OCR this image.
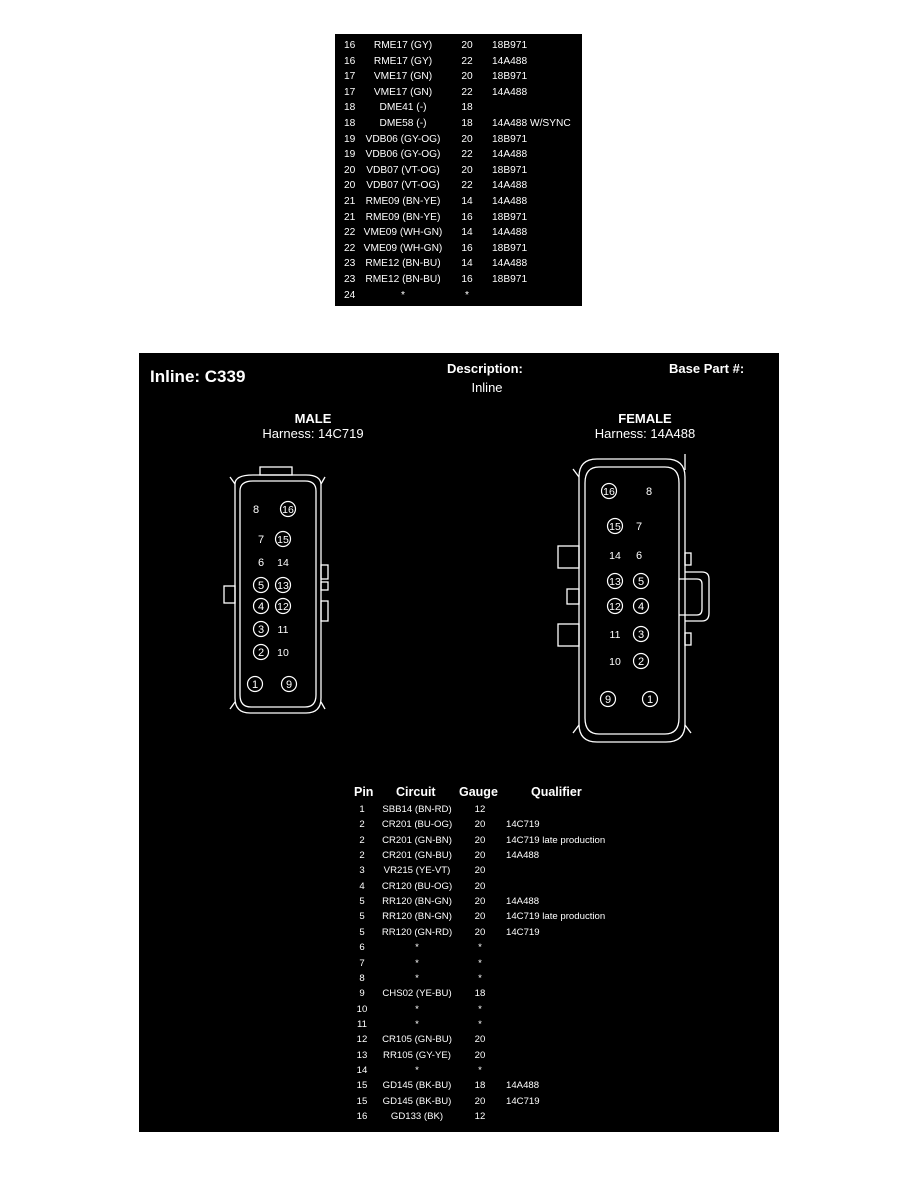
16	RME17 (GY)	20	18B971
16	RME17 (GY)	22	14A488
17	VME17 (GN)	20	18B971
17	VME17 (GN)	22	14A488
18	DME41 (-)	18
18	DME58 (-)	18	14A488 W/SYNC
19 VDB06 (GY-OG)	20	18B971
19 VDB06 (GY-OG)	22	14A488
20	VDB07 (VT-OG)	20	18B971
20	VDB07 (VT-OG)	22	14A488
21	RME09 (BN-YE)	14	14A488
21	RME09 (BN-YE)	16	18B971
22 VME09 (WH-GN)	14	14A488
22 VME09 (WH-GN)	16	18B971
23 RME12 (BN-BU)	14	14A488
23 RME12 (BN-BU)	16	18B971
24	*	*
8 16
7 15
6 14
5 13
4 12
3 11
2 10
1	9
16	8
15 7
14 6
13 5
12 4
11 3
10 2
9	1
Inline: C339	Description:
Inline
Base Part #:
MALE
Harness: 14C719
FEMALE
Harness: 14A488
Pin Circuit Gauge	Qualifier
1	SBB14 (BN-RD)	12
2	CR201 (BU-OG)	20	14C719
2	CR201 (GN-BN)	20	14C719 late production
2	CR201 (GN-BU)	20	14A488
3	VR215 (YE-VT)	20
4	CR120 (BU-OG)	20
5	RR120 (BN-GN)	20	14A488
5	RR120 (BN-GN)	20	14C719 late production
5	RR120 (GN-RD)	20	14C719
6	*	*
7	*	*
8	*	*
9	CHS02 (YE-BU)	18
10	*	*
11	*	*
12	CR105 (GN-BU)	20
13	RR105 (GY-YE)	20
14	*	*
15	GD145 (BK-BU)	18	14A488
15	GD145 (BK-BU)	20	14C719
16	GD133 (BK)	12
